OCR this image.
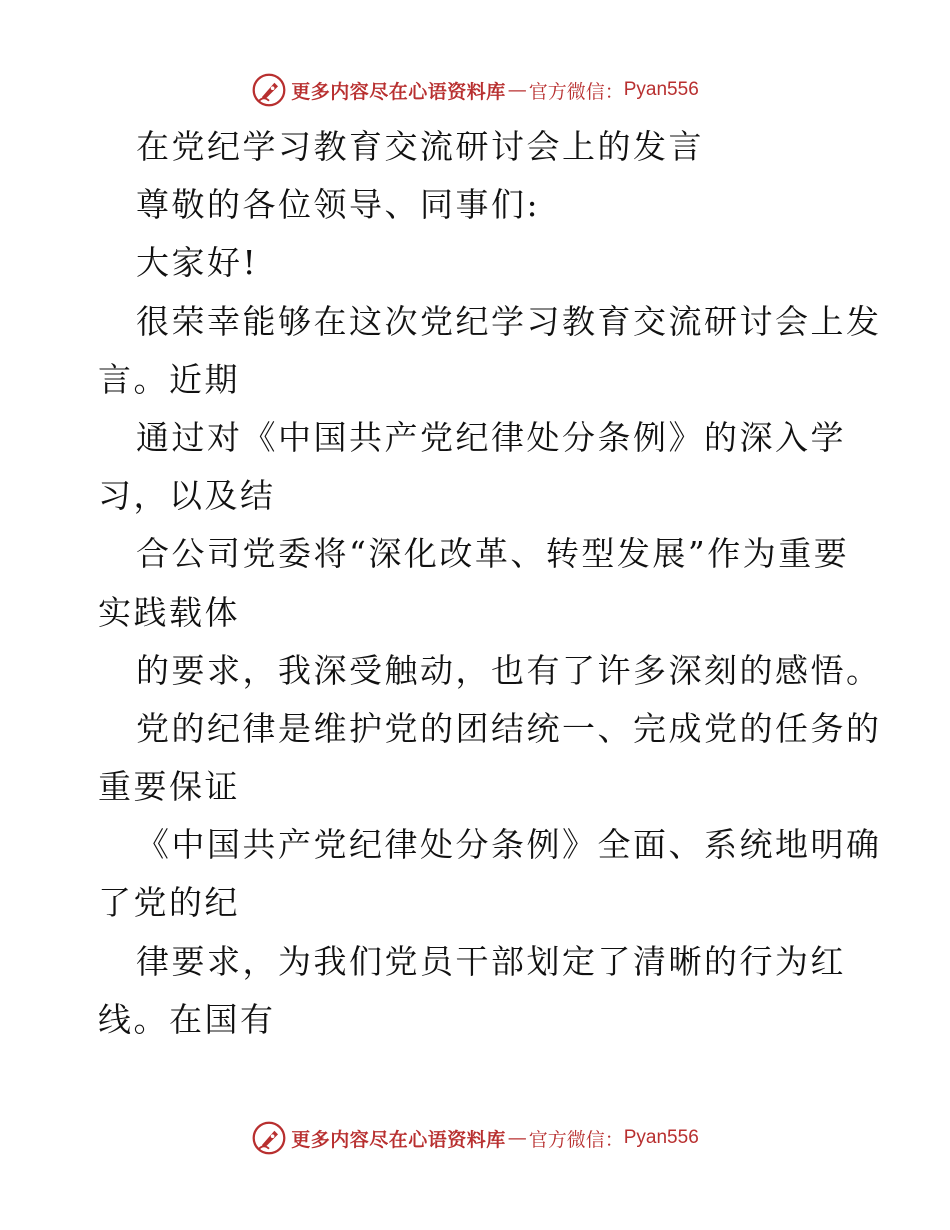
更多内容尽在心语资料库 — 官方微信： Pyan556
在党纪学习教育交流研讨会上的发言
尊敬的各位领导、同事们:
大家好!
很荣幸能够在这次党纪学习教育交流研讨会上发
言。近期
通过对《中国共产党纪律处分条例》的深入学
习，以及结
合公司党委将“深化改革、转型发展”作为重要
实践载体
的要求，我深受触动，也有了许多深刻的感悟。
党的纪律是维护党的团结统一、完成党的任务的
重要保证
《中国共产党纪律处分条例》全面、系统地明确
了党的纪
律要求，为我们党员干部划定了清晰的行为红
线。在国有
更多内容尽在心语资料库 — 官方微信： Pyan556
